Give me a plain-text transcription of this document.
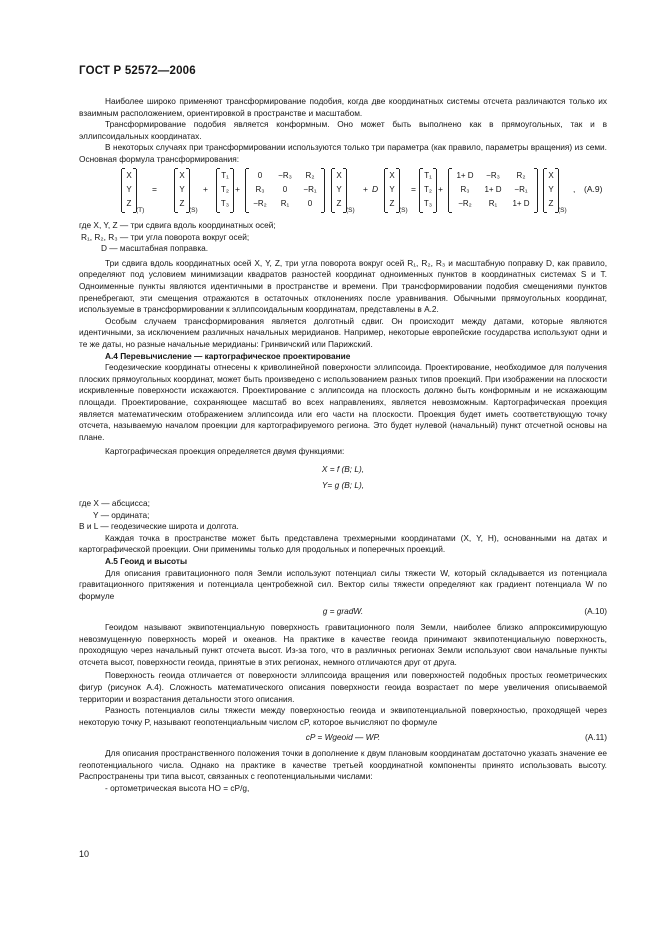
ГОСТ Р 52572—2006

Наиболее широко применяют трансформирование подобия, когда две координатных системы отсчета различаются только их взаимным расположением, ориентировкой в пространстве и масштабом.

Трансформирование подобия является конформным. Оно может быть выполнено как в прямоугольных, так и в эллипсоидальных координатах.

В некоторых случаях при трансформировании используются только три параметра (как правило, параметры вращения) из семи. Основная формула трансформирования:

X
Y
Z
(T)
=
X
Y
Z
(S)
+
T₁
T₂
T₃
+
0	−R₃	R₂
R₃	0	−R₁
−R₂	R₁	0
X
Y
Z
(S)
+ D
X
Y
Z
(S)
=
T₁
T₂
T₃
+
1+ D	−R₃	R₂
R₃	1+ D	−R₁
−R₂	R₁	1+ D
X
Y
Z
(S)
, (A.9)
где X, Y, Z — три сдвига вдоль координатных осей;
R₁, R₂, R₃ — три угла поворота вокруг осей;
D — масштабная поправка.

Три сдвига вдоль координатных осей X, Y, Z, три угла поворота вокруг осей R₁, R₂, R₃ и масштабную поправку D, как правило, определяют под условием минимизации квадратов разностей координат одноименных пунктов в координатных системах S и T. Одноименные пункты являются идентичными в пространстве и времени. При трансформировании подобия смещениями пунктов пренебрегают, эти смещения отражаются в остаточных отклонениях после уравнивания. Обычными прямоугольных координат, используемые в трансформировании к эллипсоидальным координатам, представлены в А.2.

Особым случаем трансформирования является долготный сдвиг. Он происходит между датами, которые являются идентичными, за исключением различных начальных меридианов. Например, некоторые европейские государства используют одни и те же даты, но разные начальные меридианы: Гринвичский или Парижский.

А.4 Перевычисление — картографическое проектирование

Геодезические координаты отнесены к криволинейной поверхности эллипсоида. Проектирование, необходимое для получения плоских прямоугольных координат, может быть произведено с использованием разных типов проекций. При изображении на плоскости искривленные поверхности искажаются. Проектирование с эллипсоида на плоскость должно быть конформным и не искажающим площади. Проектирование, сохраняющее масштаб во всех направлениях, является невозможным. Картографическая проекция является математическим отображением эллипсоида или его части на плоскости. Проекция будет иметь соответствующую точку отсчета, называемую началом проекции для картографируемого региона. Это будет нулевой (начальный) пункт отсчетной основы на плане.

Картографическая проекция определяется двумя функциями:

X = f (B; L),
Y= g (B; L),
где X — абсцисса;
Y — ордината;
B и L — геодезические широта и долгота.

Каждая точка в пространстве может быть представлена трехмерными координатами (X, Y, H), основанными на датах и картографической проекции. Они применимы только для продольных и поперечных проекций.

А.5 Геоид и высоты

Для описания гравитационного поля Земли используют потенциал силы тяжести W, который складывается из потенциала гравитационного притяжения и потенциала центробежной сил. Вектор силы тяжести определяют как градиент потенциала W по формуле

g = gradW.	(A.10)

Геоидом называют эквипотенциальную поверхность гравитационного поля Земли, наиболее близко аппроксимирующую невозмущенную поверхность морей и океанов. На практике в качестве геоида принимают эквипотенциальную поверхность, проходящую через начальный пункт отсчета высот. Из-за того, что в различных регионах Земли используют свои начальные пункты отсчета высот, поверхности геоида, принятые в этих регионах, немного отличаются друг от друга.

Поверхность геоида отличается от поверхности эллипсоида вращения или поверхностей подобных простых геометрических фигур (рисунок А.4). Сложность математического описания поверхности геоида возрастает по мере увеличения описываемой территории и возрастания детальности этого описания.

Разность потенциалов силы тяжести между поверхностью геоида и эквипотенциальной поверхностью, проходящей через некоторую точку P, называют геопотенциальным числом cP, которое вычисляют по формуле

cP = Wgeoid — WP.	(A.11)

Для описания пространственного положения точки в дополнение к двум плановым координатам достаточно указать значение ее геопотенциального числа. Однако на практике в качестве третьей координатной компоненты принято использовать высоту. Распространены три типа высот, связанных с геопотенциальными числами:

- ортометрическая высота HO = cP/g,
10
